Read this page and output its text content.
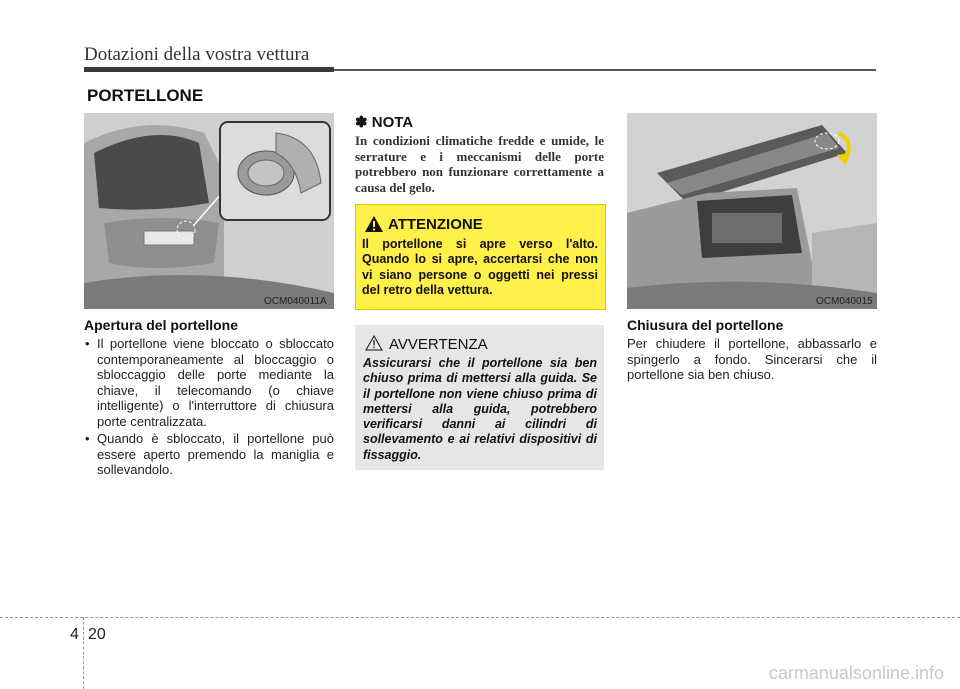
Dotazioni della vostra vettura
PORTELLONE
OCM040011A
Apertura del portellone
• Il portellone viene bloccato o sbloccato contemporaneamente al bloccaggio o sbloccaggio delle porte mediante la chiave, il telecomando (o chiave intelligente) o l'interruttore di chiusura porte centralizzata.
• Quando è sbloccato, il portellone può essere aperto premendo la maniglia e sollevandolo.
✽ NOTA
In condizioni climatiche fredde e umide, le serrature e i meccanismi delle porte potrebbero non funzionare correttamente a causa del gelo.
ATTENZIONE
Il portellone si apre verso l'alto. Quando lo si apre, accertarsi che non vi siano persone o oggetti nei pressi del retro della vettura.
AVVERTENZA
Assicurarsi che il portellone sia ben chiuso prima di mettersi alla guida. Se il portellone non viene chiuso prima di mettersi alla guida, potrebbero verificarsi danni ai cilindri di sollevamento e ai relativi dispositivi di fissaggio.
OCM040015
Chiusura del portellone
Per chiudere il portellone, abbassarlo e spingerlo a fondo. Sincerarsi che il portellone sia ben chiuso.
4 20
carmanualsonline.info
